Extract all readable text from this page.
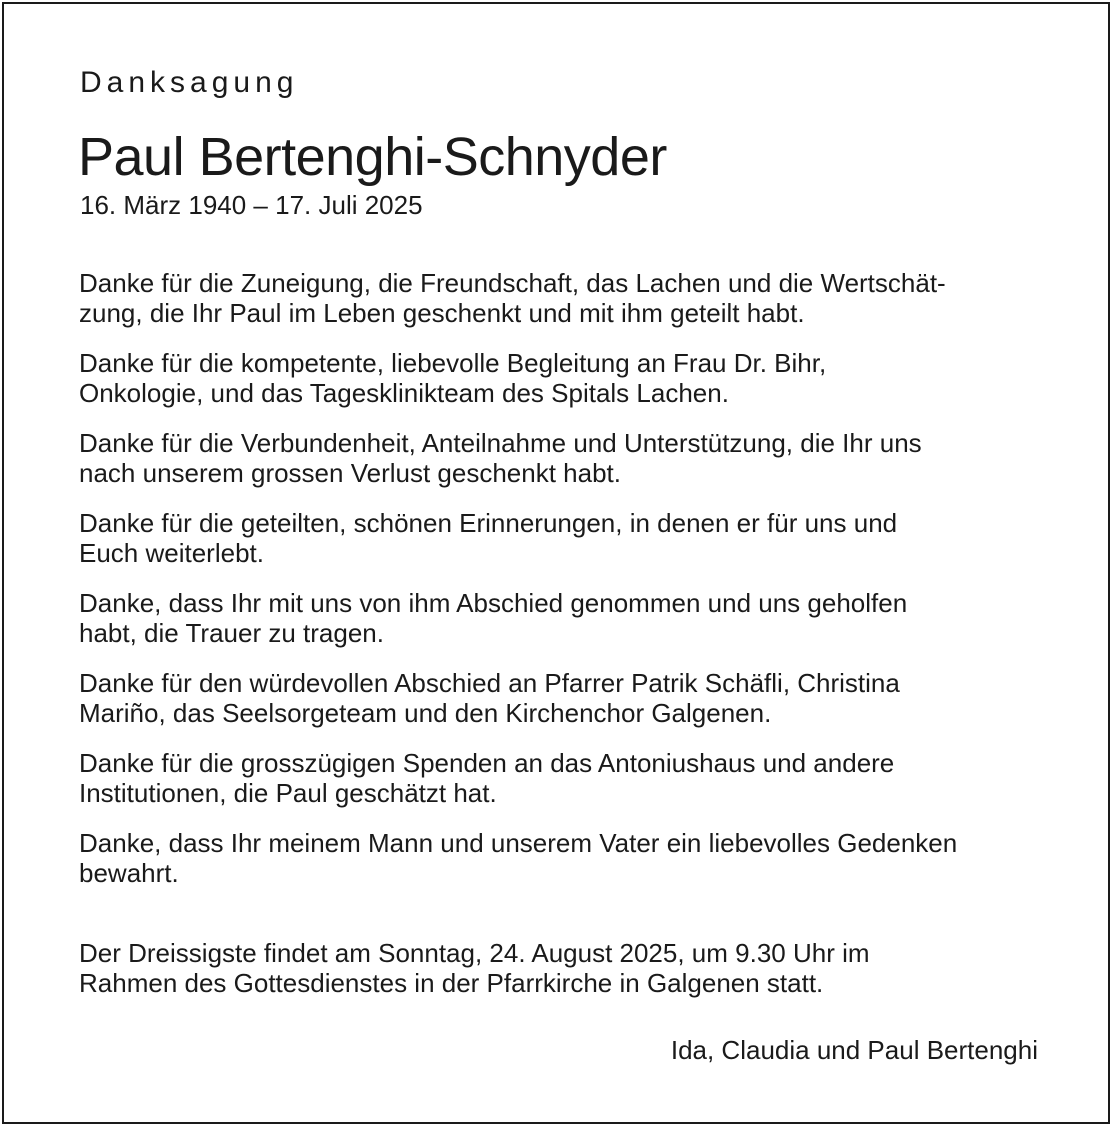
Danksagung
Paul Bertenghi-Schnyder
16. März 1940 – 17. Juli 2025

Danke für die Zuneigung, die Freundschaft, das Lachen und die Wertschät-
zung, die Ihr Paul im Leben geschenkt und mit ihm geteilt habt.

Danke für die kompetente, liebevolle Begleitung an Frau Dr. Bihr,
Onkologie, und das Tagesklinikteam des Spitals Lachen.

Danke für die Verbundenheit, Anteilnahme und Unterstützung, die Ihr uns
nach unserem grossen Verlust geschenkt habt.

Danke für die geteilten, schönen Erinnerungen, in denen er für uns und
Euch weiterlebt.

Danke, dass Ihr mit uns von ihm Abschied genommen und uns geholfen
habt, die Trauer zu tragen.

Danke für den würdevollen Abschied an Pfarrer Patrik Schäfli, Christina
Mariño, das Seelsorgeteam und den Kirchenchor Galgenen.

Danke für die grosszügigen Spenden an das Antoniushaus und andere
Institutionen, die Paul geschätzt hat.

Danke, dass Ihr meinem Mann und unserem Vater ein liebevolles Gedenken
bewahrt.

Der Dreissigste findet am Sonntag, 24. August 2025, um 9.30 Uhr im
Rahmen des Gottesdienstes in der Pfarrkirche in Galgenen statt.
Ida, Claudia und Paul Bertenghi
